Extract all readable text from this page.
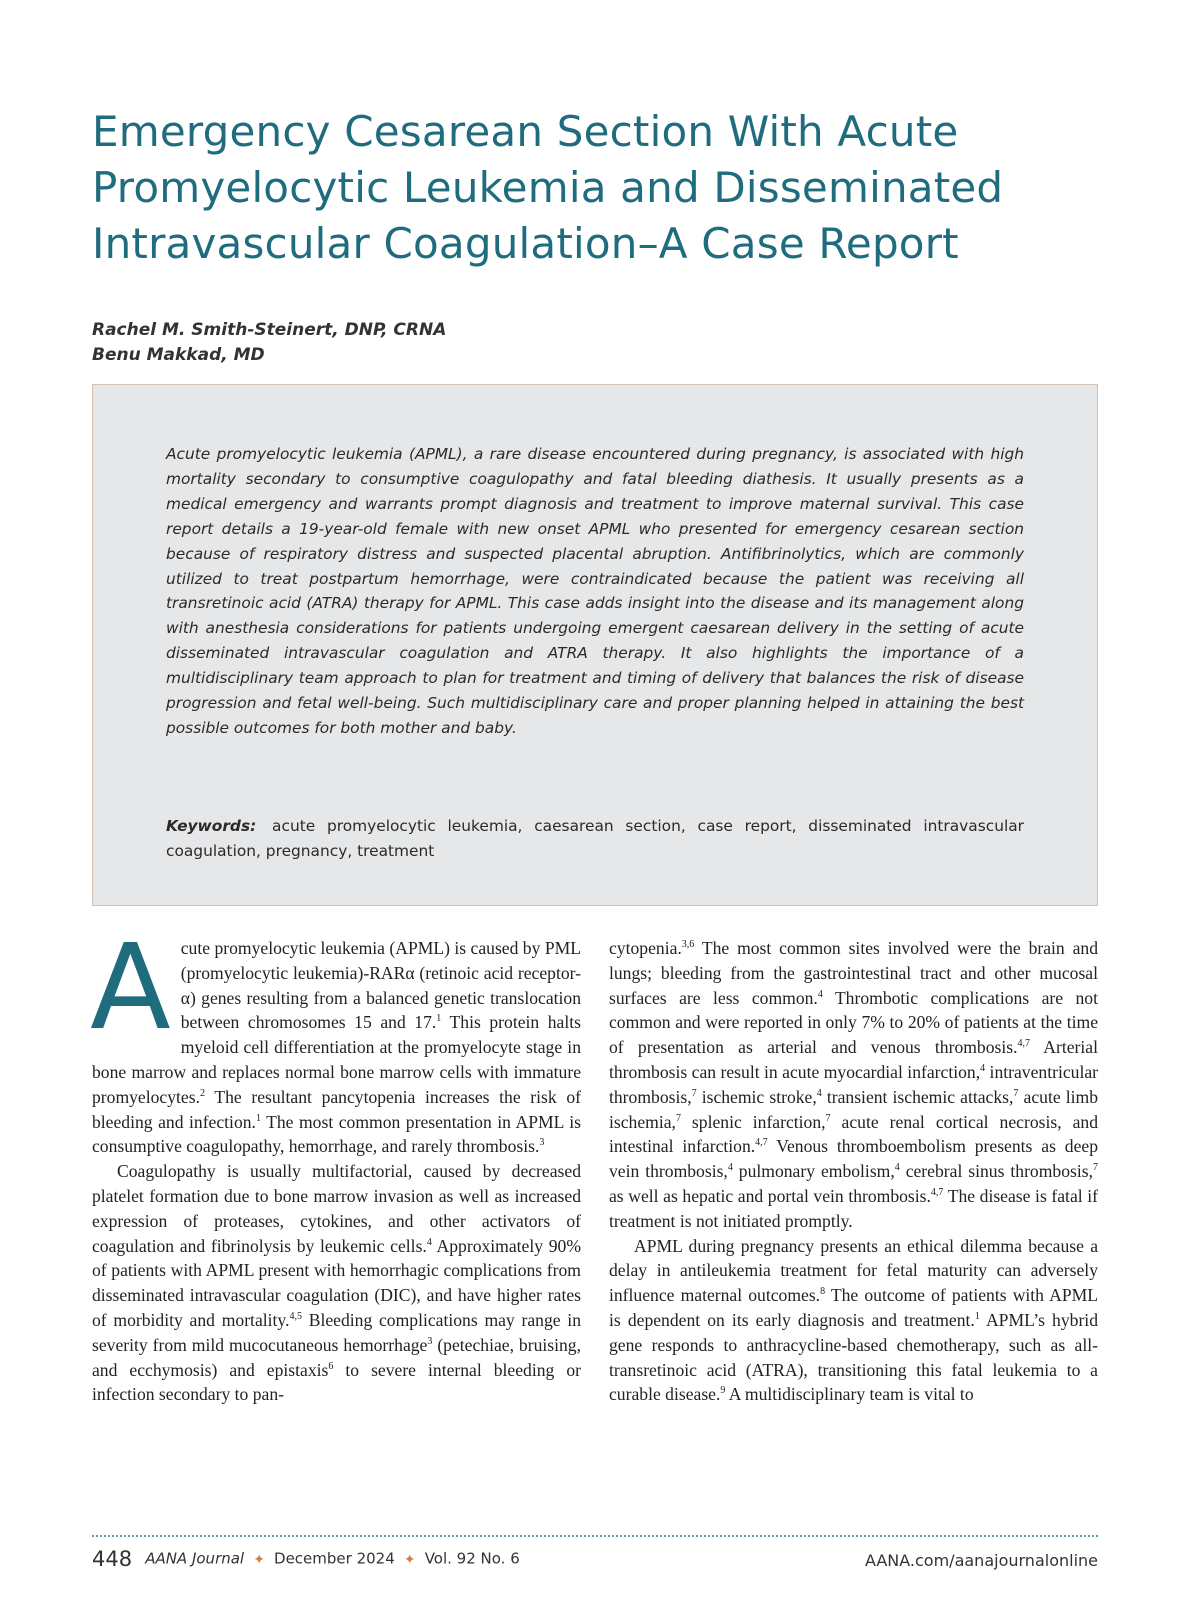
Emergency Cesarean Section With Acute
Promyelocytic Leukemia and Disseminated
Intravascular Coagulation–A Case Report
Rachel M. Smith-Steinert, DNP, CRNA
Benu Makkad, MD

Acute promyelocytic leukemia (APML), a rare disease encountered during pregnancy, is associated with high mortality secondary to consumptive coagulopathy and fatal bleeding diathesis. It usually presents as a medical emergency and warrants prompt diagnosis and treatment to improve maternal survival. This case report details a 19-year-old female with new onset APML who presented for emergency cesarean section because of respiratory distress and suspected placental abruption. Antifibrinolytics, which are commonly utilized to treat postpartum hemorrhage, were contraindicated because the patient was receiving all transretinoic acid (ATRA) therapy for APML. This case adds insight into the disease and its management along with anesthesia considerations for patients undergoing emergent caesarean delivery in the setting of acute disseminated intravascular coagulation and ATRA therapy. It also highlights the importance of a multidisciplinary team approach to plan for treatment and timing of delivery that balances the risk of disease progression and fetal well-being. Such multidisciplinary care and proper planning helped in attaining the best possible outcomes for both mother and baby.

Keywords: acute promyelocytic leukemia, caesarean section, case report, disseminated intravascular coagulation, pregnancy, treatment

A cute promyelocytic leukemia (APML) is caused by PML (promyelocytic leukemia)-RARα (retinoic acid receptor-α) genes resulting from a balanced genetic translocation between chromosomes 15 and 17.$^1$ This protein halts myeloid cell differentiation at the promyelocyte stage in bone marrow and replaces normal bone marrow cells with immature promyelocytes.$^2$ The resultant pancytopenia increases the risk of bleeding and infection.$^1$ The most common presentation in APML is consumptive coagulopathy, hemorrhage, and rarely thrombosis.$^3$

Coagulopathy is usually multifactorial, caused by decreased platelet formation due to bone marrow invasion as well as increased expression of proteases, cytokines, and other activators of coagulation and fibrinolysis by leukemic cells.$^4$ Approximately 90% of patients with APML present with hemorrhagic complications from disseminated intravascular coagulation (DIC), and have higher rates of morbidity and mortality.$^{4,5}$ Bleeding complications may range in severity from mild mucocutaneous hemorrhage$^3$ (petechiae, bruising, and ecchymosis) and epistaxis$^6$ to severe internal bleeding or infection secondary to pan-

cytopenia.$^{3,6}$ The most common sites involved were the brain and lungs; bleeding from the gastrointestinal tract and other mucosal surfaces are less common.$^4$ Thrombotic complications are not common and were reported in only 7% to 20% of patients at the time of presentation as arterial and venous thrombosis.$^{4,7}$ Arterial thrombosis can result in acute myocardial infarction,$^4$ intraventricular thrombosis,$^7$ ischemic stroke,$^4$ transient ischemic attacks,$^7$ acute limb ischemia,$^7$ splenic infarction,$^7$ acute renal cortical necrosis, and intestinal infarction.$^{4,7}$ Venous thromboembolism presents as deep vein thrombosis,$^4$ pulmonary embolism,$^4$ cerebral sinus thrombosis,$^7$ as well as hepatic and portal vein thrombosis.$^{4,7}$ The disease is fatal if treatment is not initiated promptly.

APML during pregnancy presents an ethical dilemma because a delay in antileukemia treatment for fetal maturity can adversely influence maternal outcomes.$^8$ The outcome of patients with APML is dependent on its early diagnosis and treatment.$^1$ APML’s hybrid gene responds to anthracycline-based chemotherapy, such as all-transretinoic acid (ATRA), transitioning this fatal leukemia to a curable disease.$^9$ A multidisciplinary team is vital to

448 AANA Journal ✦ December 2024 ✦ Vol. 92 No. 6	AANA.com/aanajournalonline
